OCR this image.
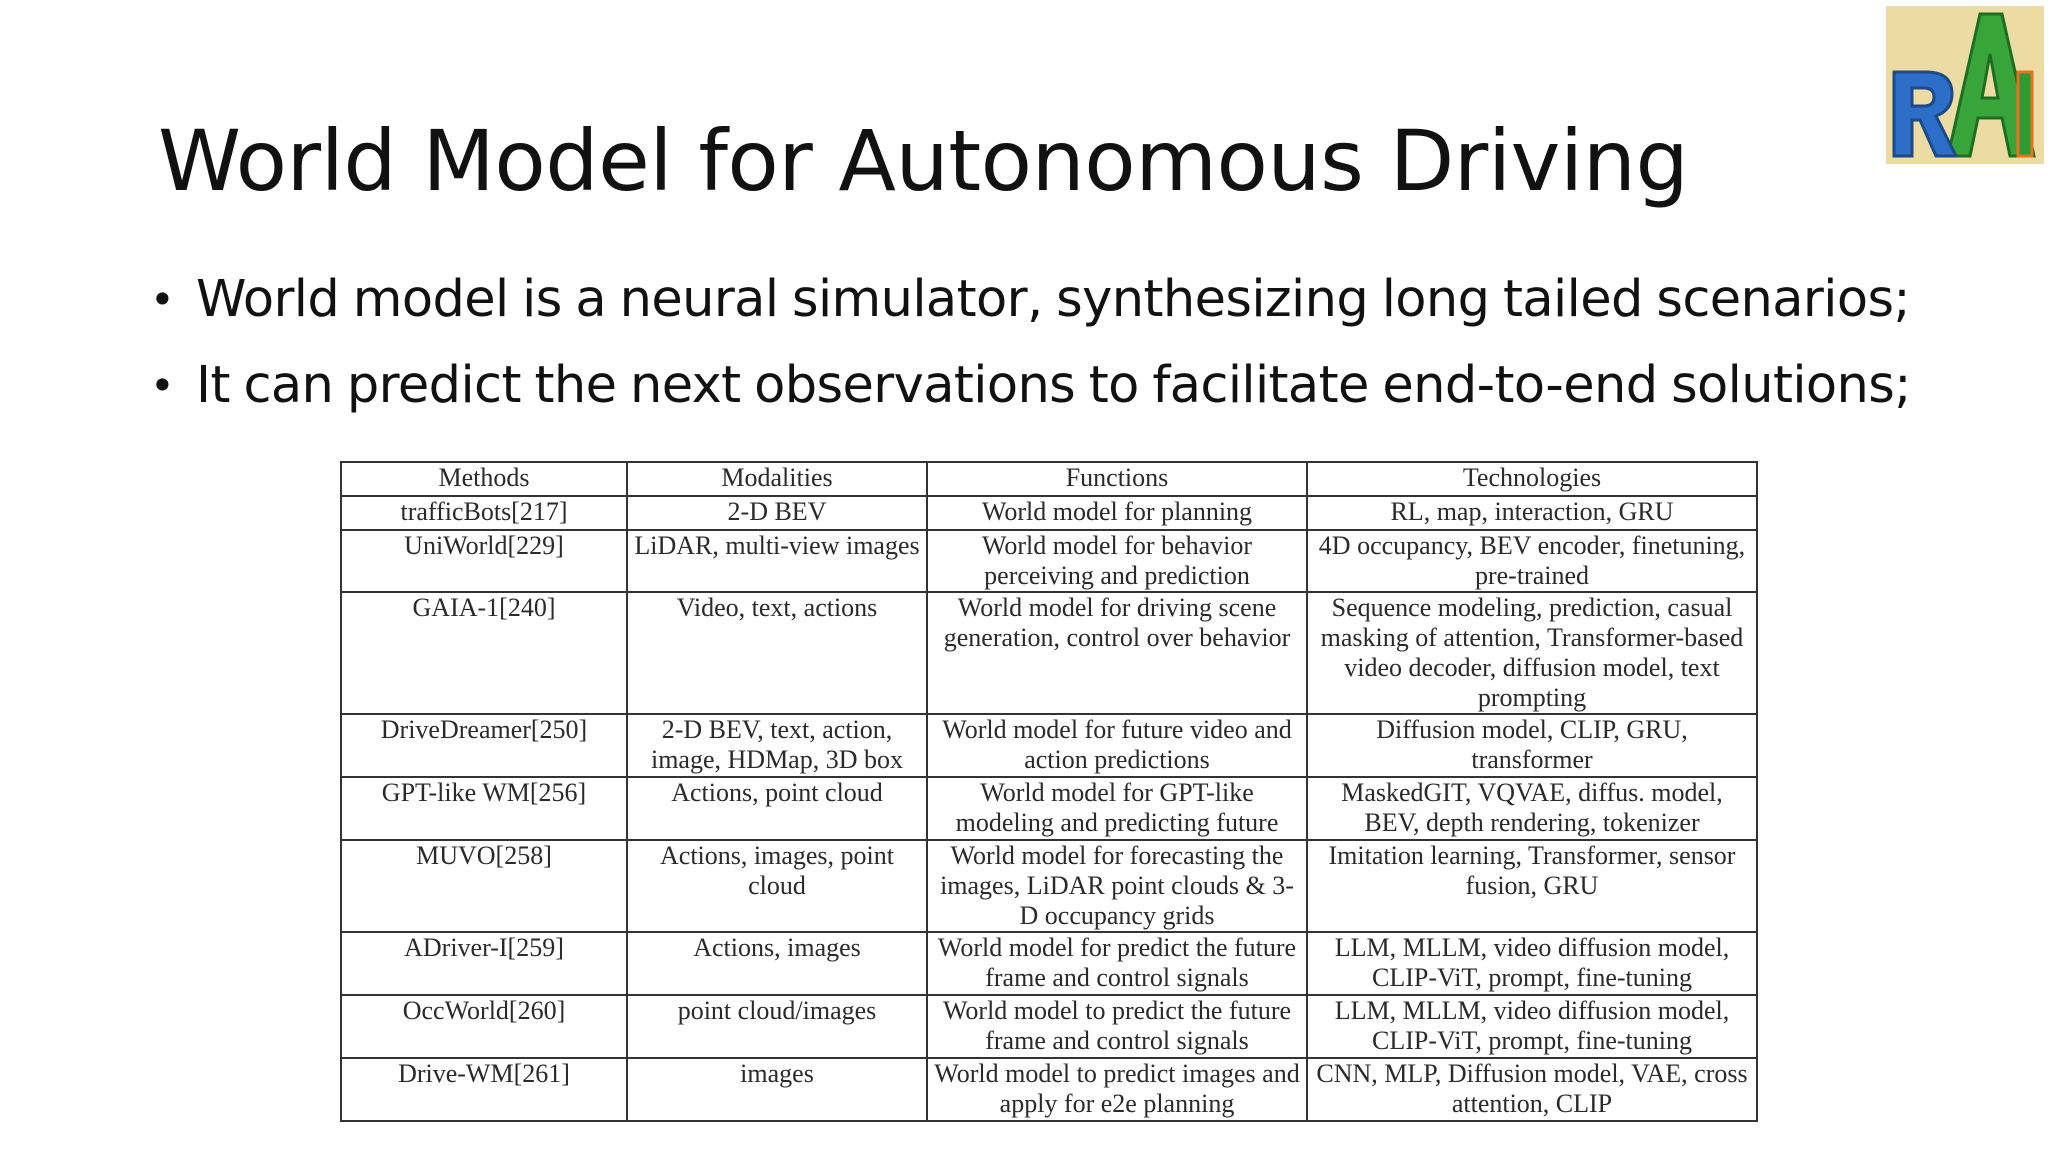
World Model for Autonomous Driving
• World model is a neural simulator, synthesizing long tailed scenarios;
• It can predict the next observations to facilitate end-to-end solutions;
Methods	Modalities	Functions	Technologies
trafficBots[217]	2-D BEV	World model for planning	RL, map, interaction, GRU
UniWorld[229]	LiDAR, multi-view images	World model for behavior perceiving and prediction	4D occupancy, BEV encoder, finetuning, pre-trained
GAIA-1[240]	Video, text, actions	World model for driving scene generation, control over behavior	Sequence modeling, prediction, casual masking of attention, Transformer-based video decoder, diffusion model, text prompting
DriveDreamer[250]	2-D BEV, text, action, image, HDMap, 3D box	World model for future video and action predictions	Diffusion model, CLIP, GRU, transformer
GPT-like WM[256]	Actions, point cloud	World model for GPT-like modeling and predicting future	MaskedGIT, VQVAE, diffus. model, BEV, depth rendering, tokenizer
MUVO[258]	Actions, images, point cloud	World model for forecasting the images, LiDAR point clouds & 3-D occupancy grids	Imitation learning, Transformer, sensor fusion, GRU
ADriver-I[259]	Actions, images	World model for predict the future frame and control signals	LLM, MLLM, video diffusion model, CLIP-ViT, prompt, fine-tuning
OccWorld[260]	point cloud/images	World model to predict the future frame and control signals	LLM, MLLM, video diffusion model, CLIP-ViT, prompt, fine-tuning
Drive-WM[261]	images	World model to predict images and apply for e2e planning	CNN, MLP, Diffusion model, VAE, cross attention, CLIP
